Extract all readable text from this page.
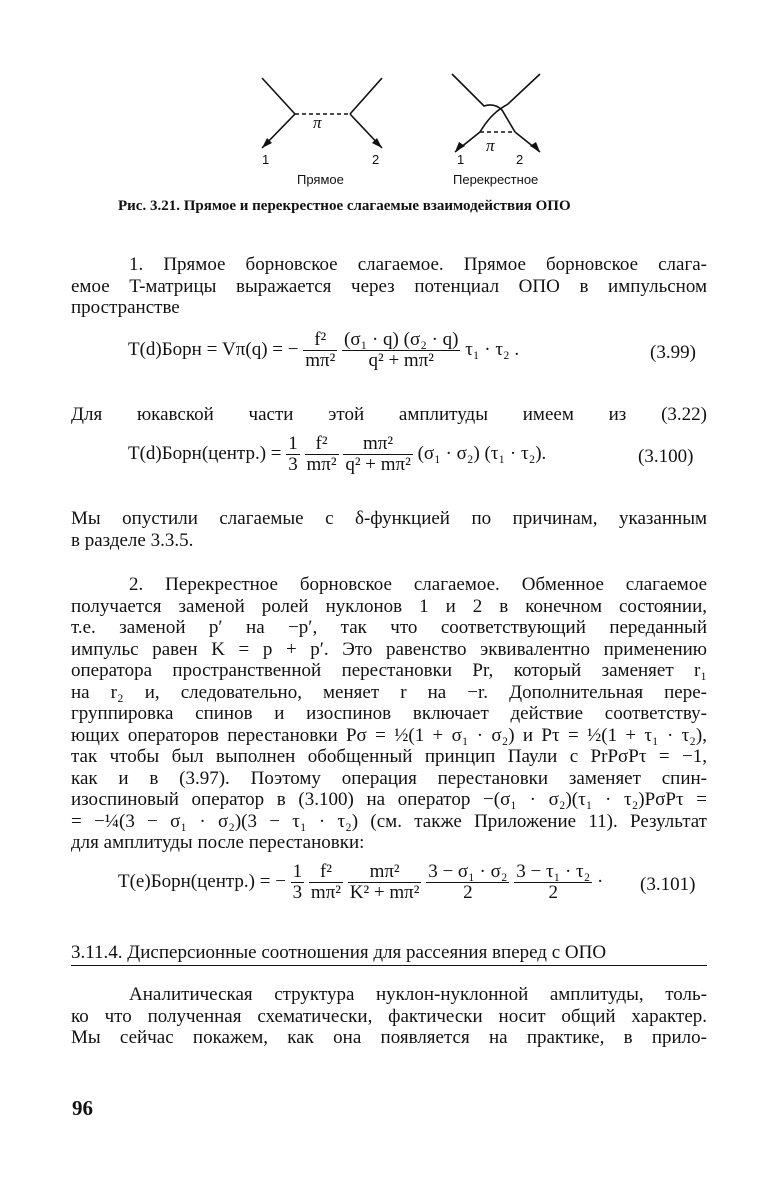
π
π
1	2	1	2
Прямое	Перекрестное
Рис. 3.21. Прямое и перекрестное слагаемые взаимодействия ОПО
1. Прямое борновское слагаемое. Прямое борновское слага-
емое T-матрицы выражается через потенциал ОПО в импульсном
пространстве
T(d)Борн = Vπ(q) = − $\frac{\text{f²}}{\text{mπ²}}$
$\frac{\text{(σ₁ · q) (σ₂ · q)}}{\text{q² + mπ²}} \tau_1 \cdot \tau_2$ .	(3.99)
Для юкавской части этой амплитуды имеем из (3.22)
T(d)Борн(центр.) = $\frac{1}{3}$
$\frac{\text{f²}}{\text{mπ²}}$
$\frac{\text{mπ²}}{\text{q² + mπ²}} (\sigma_1 \cdot \sigma_2) (\tau_1 \cdot \tau_2)$.	(3.100)
Мы опустили слагаемые с δ-функцией по причинам, указанным
в разделе 3.3.5.
2. Перекрестное борновское слагаемое. Обменное слагаемое
получается заменой ролей нуклонов 1 и 2 в конечном состоянии,
т.е. заменой p′ на −p′, так что соответствующий переданный
импульс равен K = p + p′. Это равенство эквивалентно применению
оператора пространственной перестановки Pr, который заменяет r₁
на r₂ и, следовательно, меняет r на −r. Дополнительная пере-
группировка спинов и изоспинов включает действие соответству-
ющих операторов перестановки Pσ = ½(1 + σ₁ · σ₂) и Pτ = ½(1 + τ₁ · τ₂),
так чтобы был выполнен обобщенный принцип Паули с PrPσPτ = −1,
как и в (3.97). Поэтому операция перестановки заменяет спин-
изоспиновый оператор в (3.100) на оператор −(σ₁ · σ₂)(τ₁ · τ₂)PσPτ =
= −¼(3 − σ₁ · σ₂)(3 − τ₁ · τ₂) (см. также Приложение 11). Результат
для амплитуды после перестановки:
T(e)Борн(центр.) = − $\frac{1}{3}$
$\frac{\text{f²}}{\text{mπ²}}$
$\frac{\text{mπ²}}{\text{K² + mπ²}}$
$\frac{\text{3 − σ₁ · σ₂}}{2}$
$\frac{\text{3 − τ₁ · τ₂}}{2} \cdot (3.101)$
3.11.4. Дисперсионные соотношения для рассеяния вперед с ОПО
Аналитическая структура нуклон-нуклонной амплитуды, толь-
ко что полученная схематически, фактически носит общий характер.
Мы сейчас покажем, как она появляется на практике, в прило-
96
